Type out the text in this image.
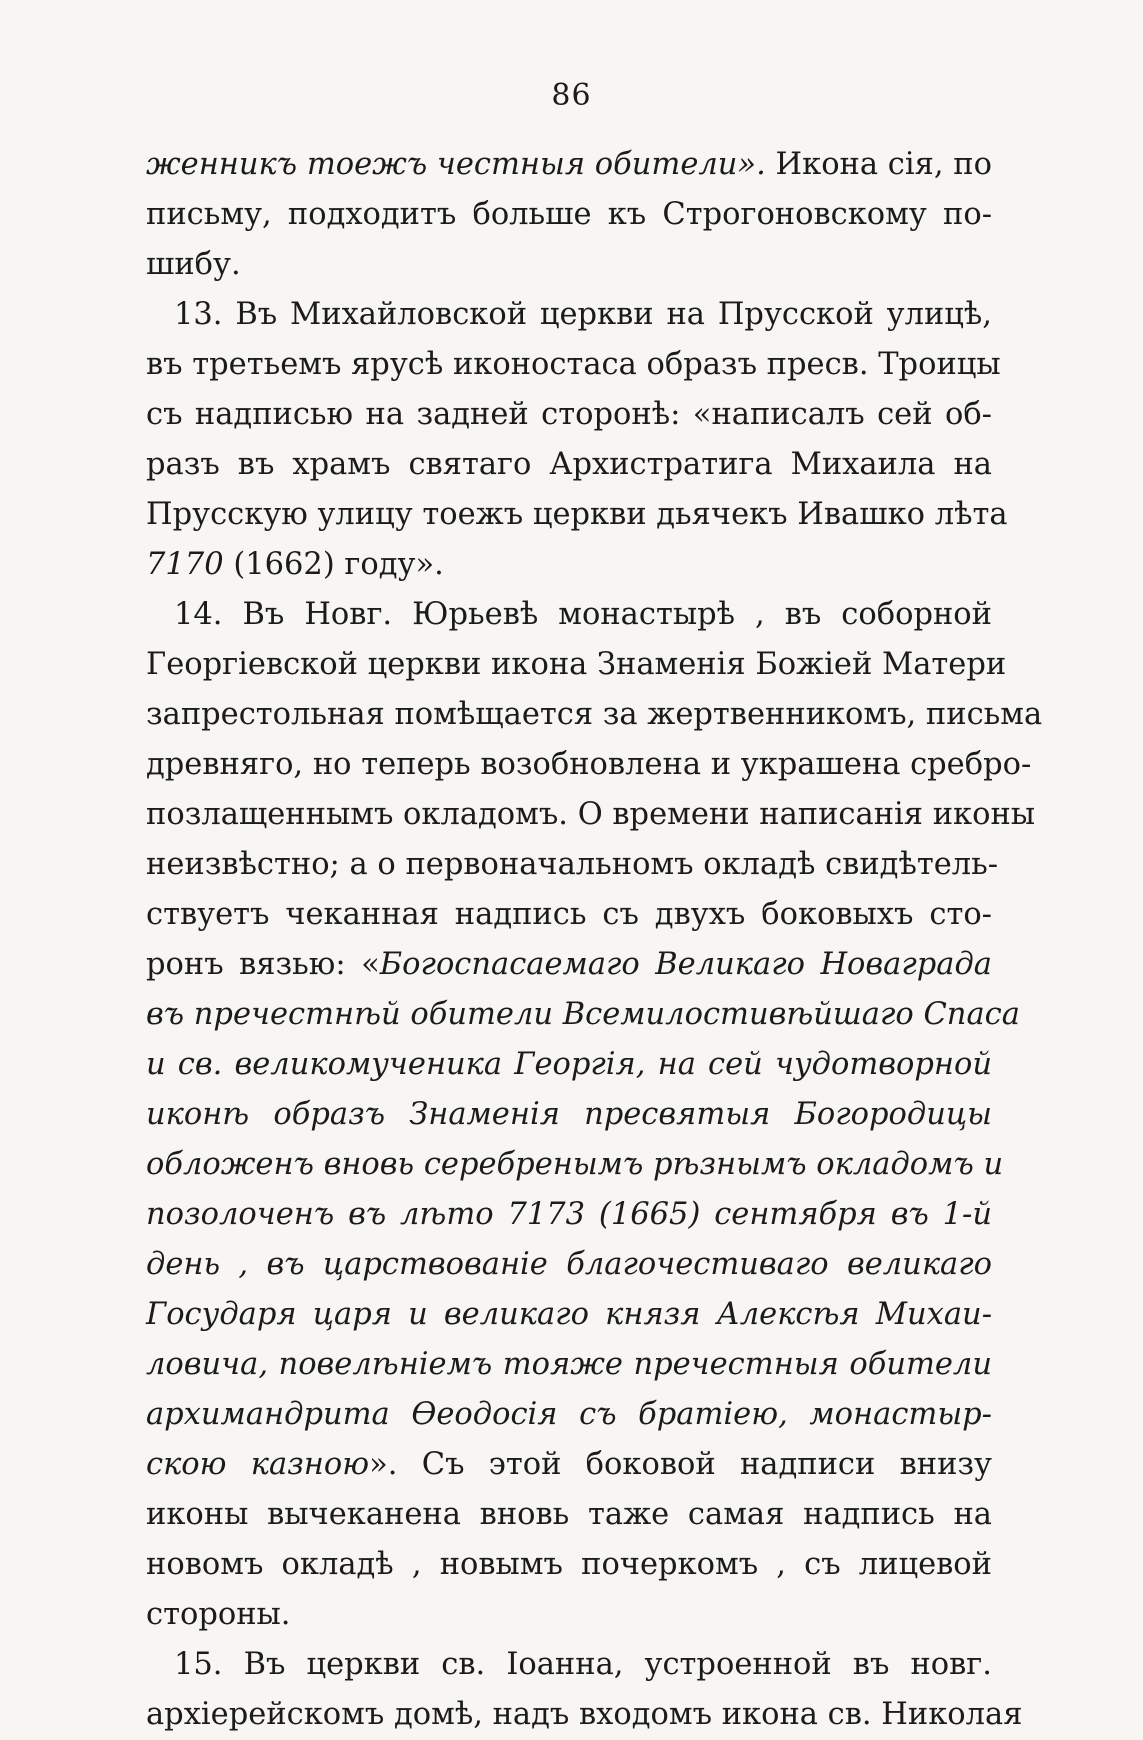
86
женникъ тоежъ честныя обители». Икона сія, по
письму, подходитъ больше къ Строгоновскому по-
шибу.
13. Въ Михайловской церкви на Прусской улицѣ,
въ третьемъ ярусѣ иконостаса образъ пресв. Троицы
съ надписью на задней сторонѣ: «написалъ сей об-
разъ въ храмъ святаго Архистратига Михаила на
Прусскую улицу тоежъ церкви дьячекъ Ивашко лѣта
7170 (1662) году».
14. Въ Новг. Юрьевѣ монастырѣ , въ соборной
Георгіевской церкви икона Знаменія Божіей Матери
запрестольная помѣщается за жертвенникомъ, письма
древняго, но теперь возобновлена и украшена сребро-
позлащеннымъ окладомъ. О времени написанія иконы
неизвѣстно; а о первоначальномъ окладѣ свидѣтель-
ствуетъ чеканная надпись съ двухъ боковыхъ сто-
ронъ вязью: «Богоспасаемаго Великаго Новаграда
въ пречестнѣй обители Всемилостивѣйшаго Спаса
и св. великомученика Георгія, на сей чудотворной
иконѣ образъ Знаменія пресвятыя Богородицы
обложенъ вновь серебренымъ рѣзнымъ окладомъ и
позолоченъ въ лѣто 7173 (1665) сентября въ 1-й
день , въ царствованіе благочестиваго великаго
Государя царя и великаго князя Алексѣя Михаи-
ловича, повелѣніемъ тояже пречестныя обители
архимандрита Ѳеодосія съ братіею, монастыр-
скою казною». Съ этой боковой надписи внизу
иконы вычеканена вновь таже самая надпись на
новомъ окладѣ , новымъ почеркомъ , съ лицевой
стороны.
15. Въ церкви св. Іоанна, устроенной въ новг.
архіерейскомъ домѣ, надъ входомъ икона св. Николая
